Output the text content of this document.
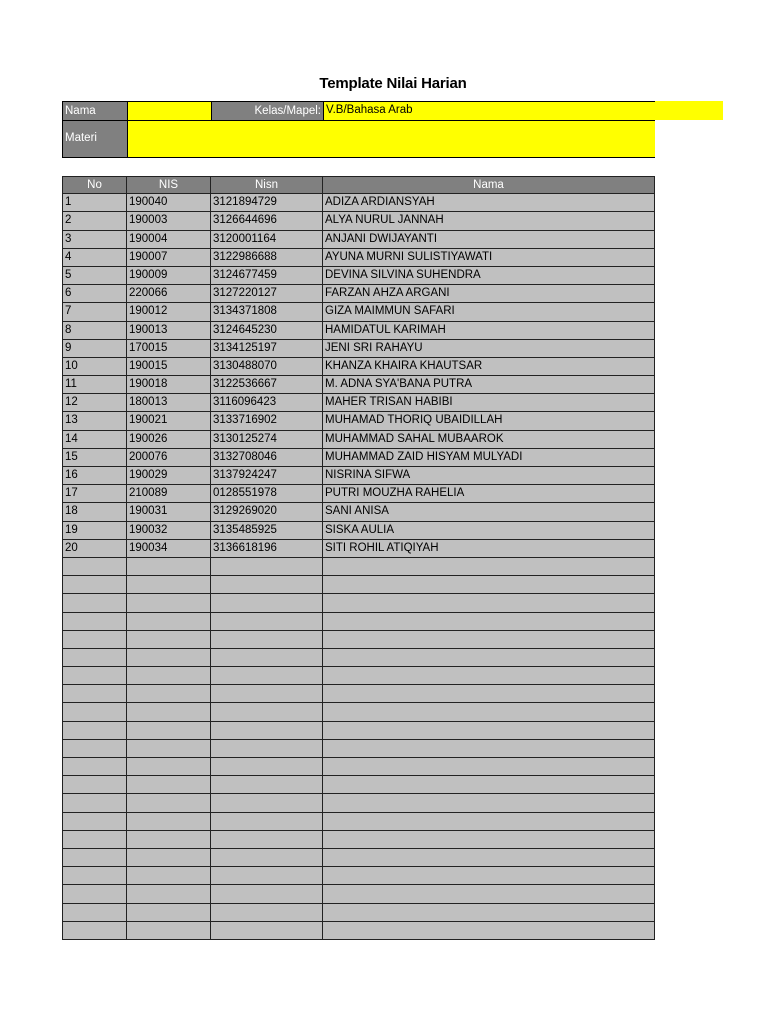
Template Nilai Harian
Nama	Kelas/Mapel: V.B/Bahasa Arab
Materi
No	NIS	Nisn	Nama
1	190040	3121894729	ADIZA ARDIANSYAH
2	190003	3126644696	ALYA NURUL JANNAH
3	190004	3120001164	ANJANI DWIJAYANTI
4	190007	3122986688	AYUNA MURNI SULISTIYAWATI
5	190009	3124677459	DEVINA SILVINA SUHENDRA
6	220066	3127220127	FARZAN AHZA ARGANI
7	190012	3134371808	GIZA MAIMMUN SAFARI
8	190013	3124645230	HAMIDATUL KARIMAH
9	170015	3134125197	JENI SRI RAHAYU
10	190015	3130488070	KHANZA KHAIRA KHAUTSAR
11	190018	3122536667	M. ADNA SYA'BANA PUTRA
12	180013	3116096423	MAHER TRISAN HABIBI
13	190021	3133716902	MUHAMAD THORIQ UBAIDILLAH
14	190026	3130125274	MUHAMMAD SAHAL MUBAAROK
15	200076	3132708046	MUHAMMAD ZAID HISYAM MULYADI
16	190029	3137924247	NISRINA SIFWA
17	210089	0128551978	PUTRI MOUZHA RAHELIA
18	190031	3129269020	SANI ANISA
19	190032	3135485925	SISKA AULIA
20	190034	3136618196	SITI ROHIL ATIQIYAH
